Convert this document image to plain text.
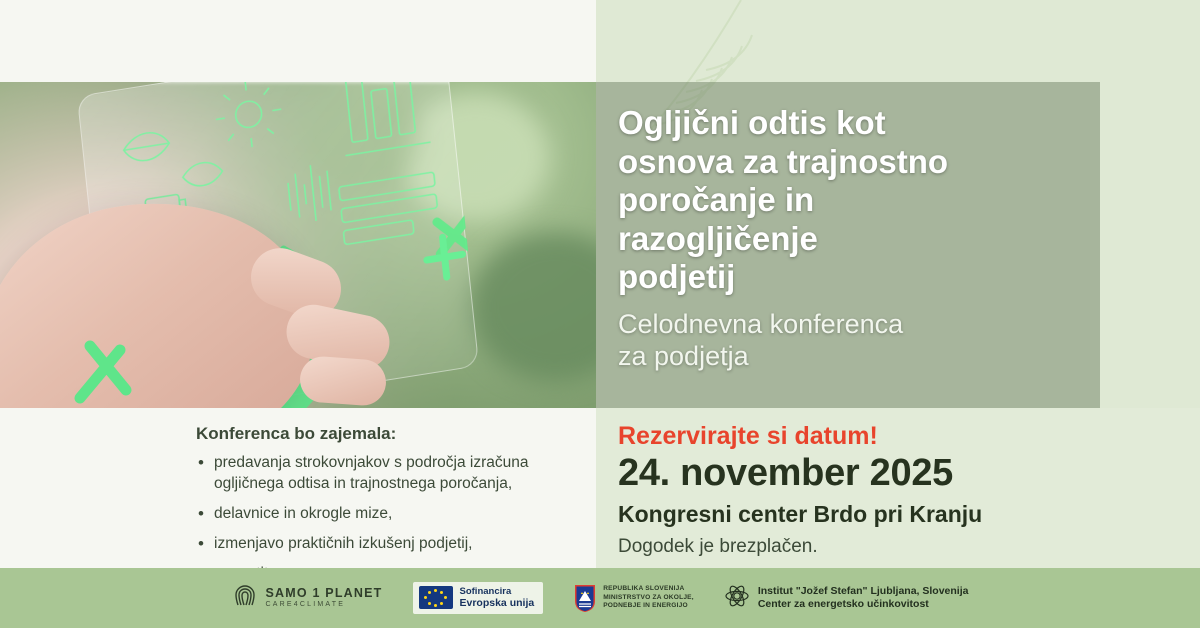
Ogljični odtis kot
osnova za trajnostno
poročanje in
razogljičenje
podjetij
Celodnevna konferenca
za podjetja
Konferenca bo zajemala:
• predavanja strokovnjakov s področja izračuna ogljičnega odtisa in trajnostnega poročanja,
• delavnice in okrogle mize,
• izmenjavo praktičnih izkušenj podjetij,
•
Rezervirajte si datum!
24. november 2025
Kongresni center Brdo pri Kranju
Dogodek je brezplačen.
SAMO 1 PLANET
CARE4CLIMATE
Sofinancira
Evropska unija
REPUBLIKA SLOVENIJA
MINISTRSTVO ZA OKOLJE,
PODNEBJE IN ENERGIJO
Institut "Jožef Stefan" Ljubljana, Slovenija
Center za energetsko učinkovitost
